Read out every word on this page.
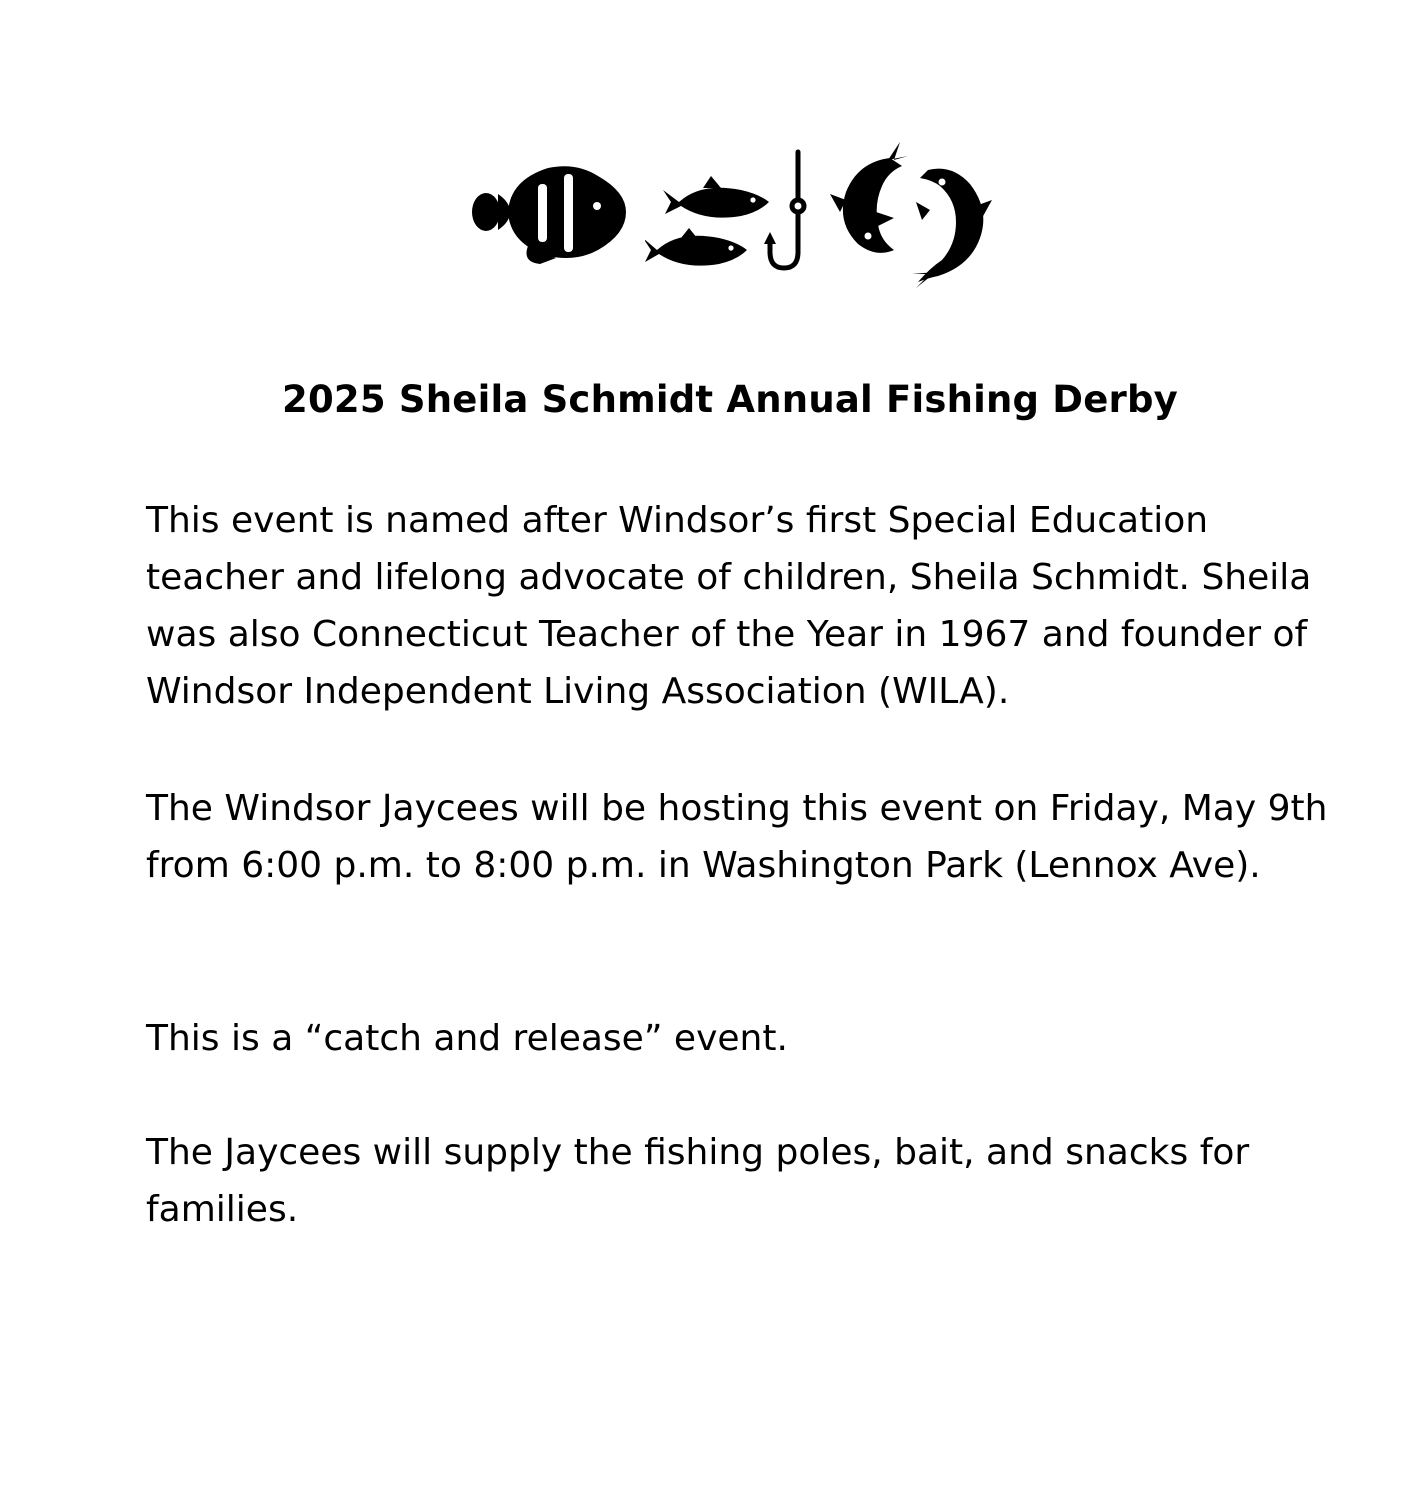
2025 Sheila Schmidt Annual Fishing Derby

This event is named after Windsor’s first Special Education teacher and lifelong advocate of children, Sheila Schmidt. Sheila was also Connecticut Teacher of the Year in 1967 and founder of Windsor Independent Living Association (WILA).

The Windsor Jaycees will be hosting this event on Friday, May 9th from 6:00 p.m. to 8:00 p.m. in Washington Park (Lennox Ave).

This is a “catch and release” event.

The Jaycees will supply the fishing poles, bait, and snacks for families.
